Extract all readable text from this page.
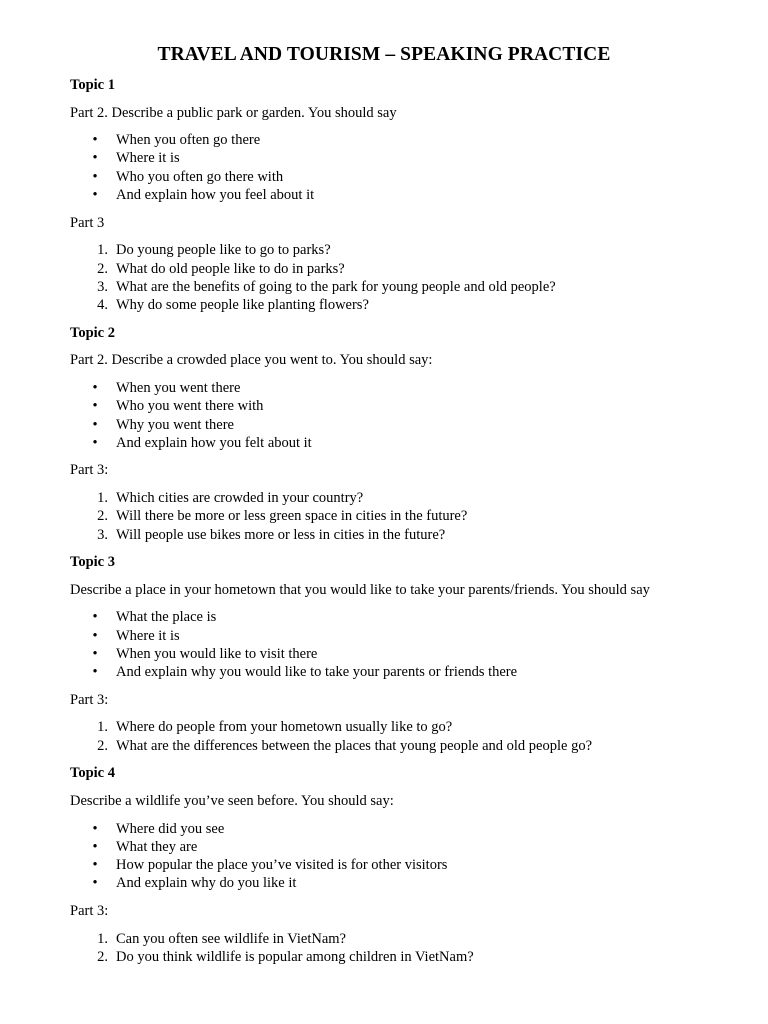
TRAVEL AND TOURISM – SPEAKING PRACTICE

Topic 1

Part 2. Describe a public park or garden. You should say

• When you often go there
• Where it is
• Who you often go there with
• And explain how you feel about it

Part 3

1. Do young people like to go to parks?
2. What do old people like to do in parks?
3. What are the benefits of going to the park for young people and old people?
4. Why do some people like planting flowers?

Topic 2

Part 2. Describe a crowded place you went to. You should say:

• When you went there
• Who you went there with
• Why you went there
• And explain how you felt about it

Part 3:

1. Which cities are crowded in your country?
2. Will there be more or less green space in cities in the future?
3. Will people use bikes more or less in cities in the future?

Topic 3

Describe a place in your hometown that you would like to take your parents/friends. You should say

• What the place is
• Where it is
• When you would like to visit there
• And explain why you would like to take your parents or friends there

Part 3:

1. Where do people from your hometown usually like to go?
2. What are the differences between the places that young people and old people go?

Topic 4

Describe a wildlife you’ve seen before. You should say:

• Where did you see
• What they are
• How popular the place you’ve visited is for other visitors
• And explain why do you like it

Part 3:

1. Can you often see wildlife in VietNam?
2. Do you think wildlife is popular among children in VietNam?
